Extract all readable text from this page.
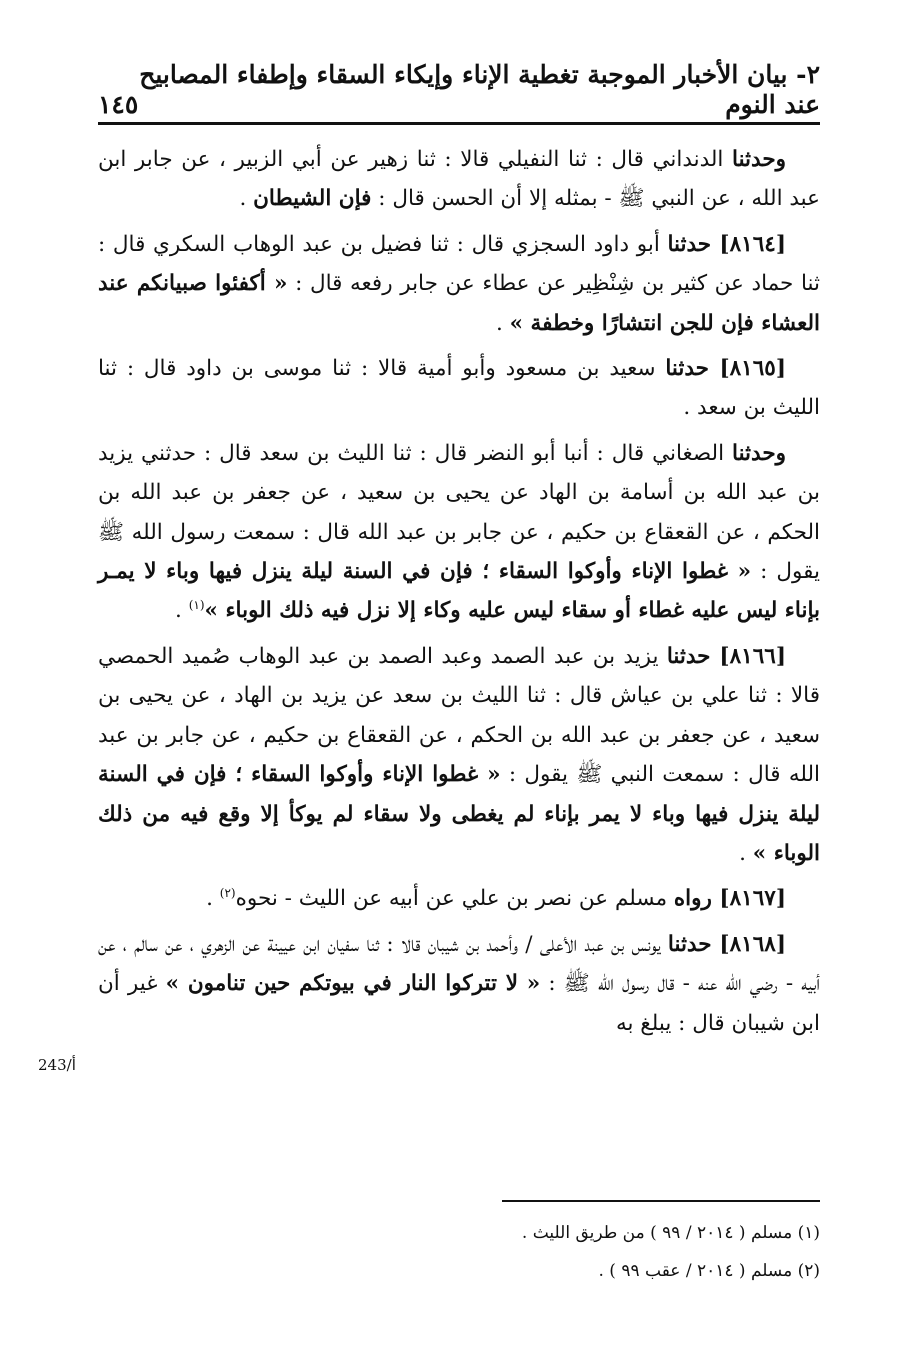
٢- بيان الأخبار الموجبة تغطية الإناء وإيكاء السقاء وإطفاء المصابيح عند النوم
١٤٥
243/أ

وحدثنا الدنداني قال : ثنا النفيلي قالا : ثنا زهير عن أبي الزبير ، عن جابر ابن عبد الله ، عن النبي ﷺ - بمثله إلا أن الحسن قال : فإن الشيطان .

[٨١٦٤] حدثنا أبو داود السجزي قال : ثنا فضيل بن عبد الوهاب السكري قال : ثنا حماد عن كثير بن شِنْظِير عن عطاء عن جابر رفعه قال : « أكفئوا صبيانكم عند العشاء فإن للجن انتشارًا وخطفة » .

[٨١٦٥] حدثنا سعيد بن مسعود وأبو أمية قالا : ثنا موسى بن داود قال : ثنا الليث بن سعد .

وحدثنا الصغاني قال : أنبا أبو النضر قال : ثنا الليث بن سعد قال : حدثني يزيد بن عبد الله بن أسامة بن الهاد عن يحيى بن سعيد ، عن جعفر بن عبد الله بن الحكم ، عن القعقاع بن حكيم ، عن جابر بن عبد الله قال : سمعت رسول الله ﷺ يقول : « غطوا الإناء وأوكوا السقاء ؛ فإن في السنة ليلة ينزل فيها وباء لا يمـر بإناء ليس عليه غطاء أو سقاء ليس عليه وكاء إلا نزل فيه ذلك الوباء »$^{(١)}$ .

[٨١٦٦] حدثنا يزيد بن عبد الصمد وعبد الصمد بن عبد الوهاب صُميد الحمصي قالا : ثنا علي بن عياش قال : ثنا الليث بن سعد عن يزيد بن الهاد ، عن يحيى بن سعيد ، عن جعفر بن عبد الله بن الحكم ، عن القعقاع بن حكيم ، عن جابر بن عبد الله قال : سمعت النبي ﷺ يقول : « غطوا الإناء وأوكوا السقاء ؛ فإن في السنة ليلة ينزل فيها وباء لا يمر بإناء لم يغطى ولا سقاء لم يوكأ إلا وقع فيه من ذلك الوباء » .

[٨١٦٧] رواه مسلم عن نصر بن علي عن أبيه عن الليث - نحوه$^{(٢)}$ .

[٨١٦٨] حدثنا يونس بن عبد الأعلى / وأحمد بن شيبان قالا : ثنا سفيان ابن عيينة عن الزهري ، عن سالم ، عن أبيه - رضي الله عنه - قال رسول الله ﷺ : « لا تتركوا النار في بيوتكم حين تنامون » غير أن ابن شيبان قال : يبلغ به

(١) مسلم ( ٢٠١٤ / ٩٩ ) من طريق الليث .

(٢) مسلم ( ٢٠١٤ / عقب ٩٩ ) .
